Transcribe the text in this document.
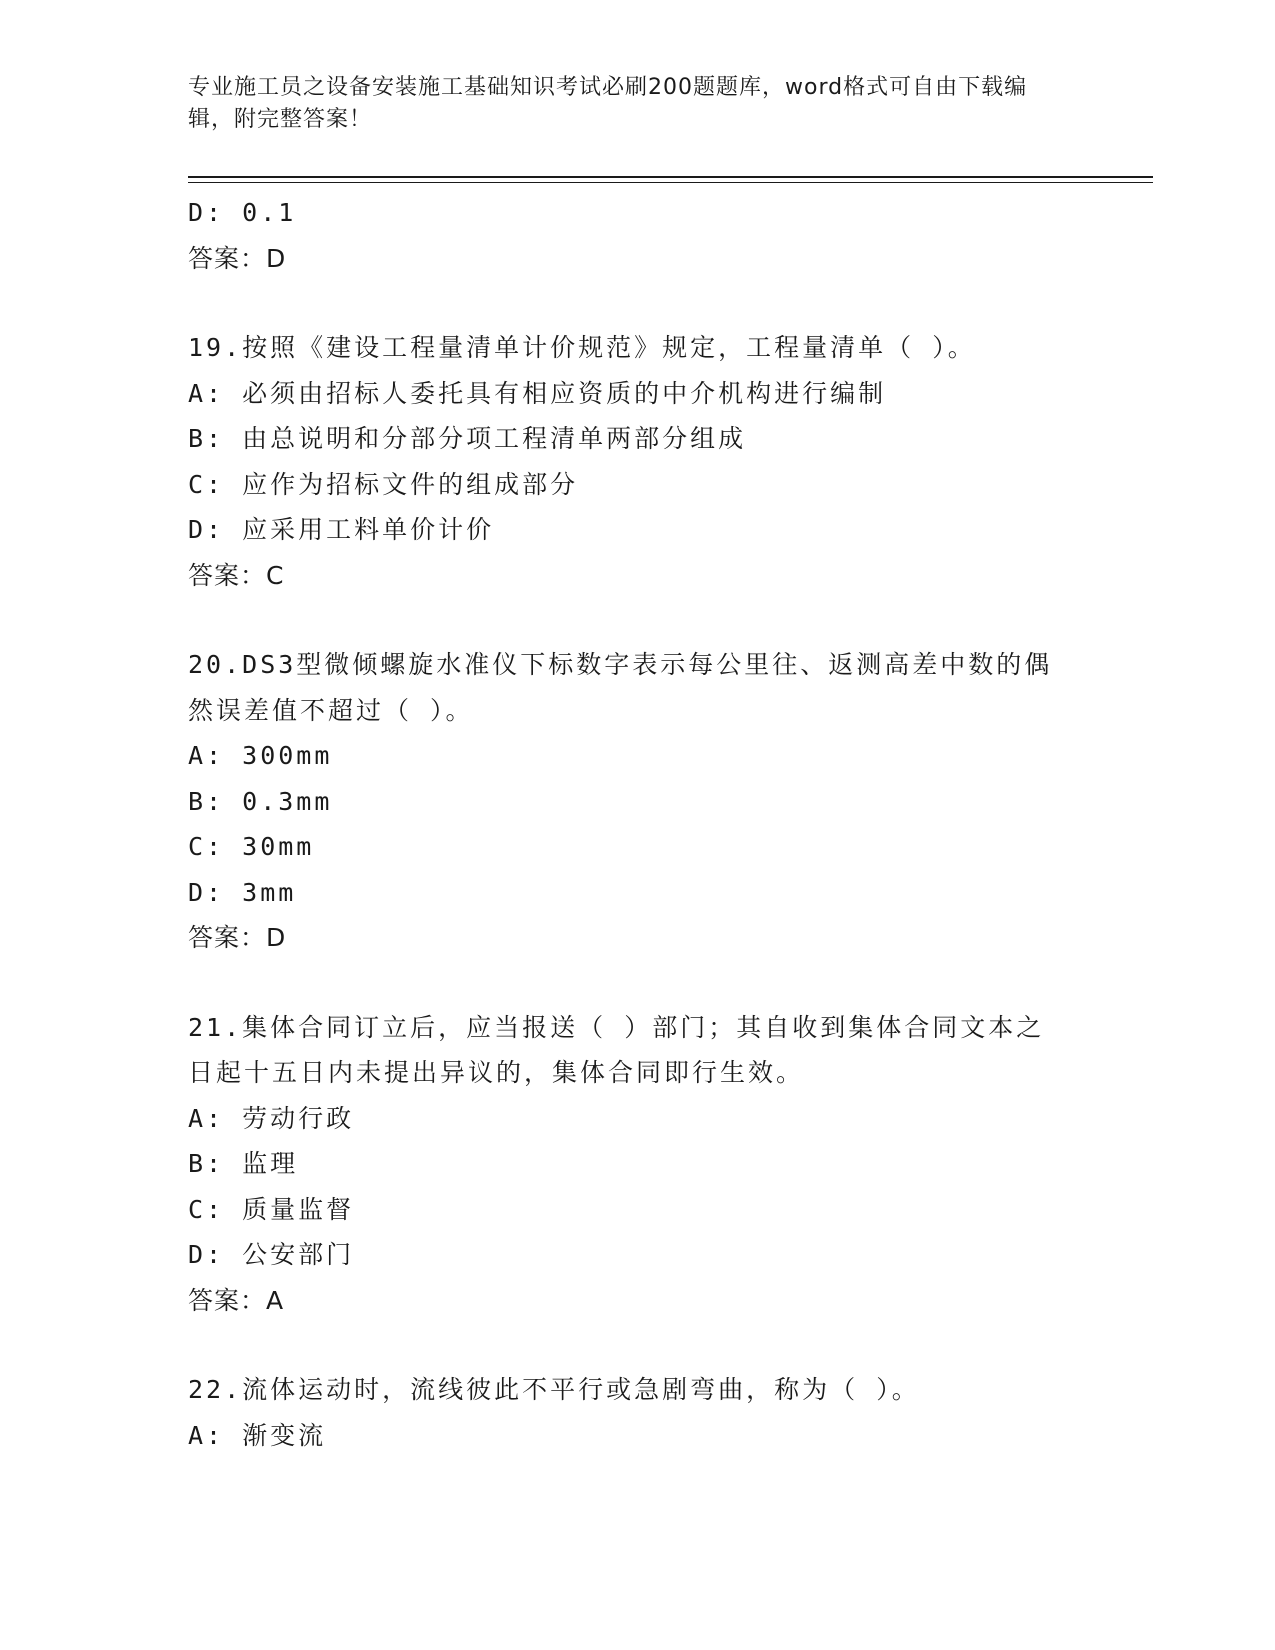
专业施工员之设备安装施工基础知识考试必刷200题题库，word格式可自由下载编辑，附完整答案！
D: 0.1
答案：D
19.按照《建设工程量清单计价规范》规定，工程量清单（ ）。
A: 必须由招标人委托具有相应资质的中介机构进行编制
B: 由总说明和分部分项工程清单两部分组成
C: 应作为招标文件的组成部分
D: 应采用工料单价计价
答案：C
20.DS3型微倾螺旋水准仪下标数字表示每公里往、返测高差中数的偶然误差值不超过（ ）。
A: 300mm
B: 0.3mm
C: 30mm
D: 3mm
答案：D
21.集体合同订立后，应当报送（ ）部门；其自收到集体合同文本之日起十五日内未提出异议的，集体合同即行生效。
A: 劳动行政
B: 监理
C: 质量监督
D: 公安部门
答案：A
22.流体运动时，流线彼此不平行或急剧弯曲，称为（ ）。
A: 渐变流
